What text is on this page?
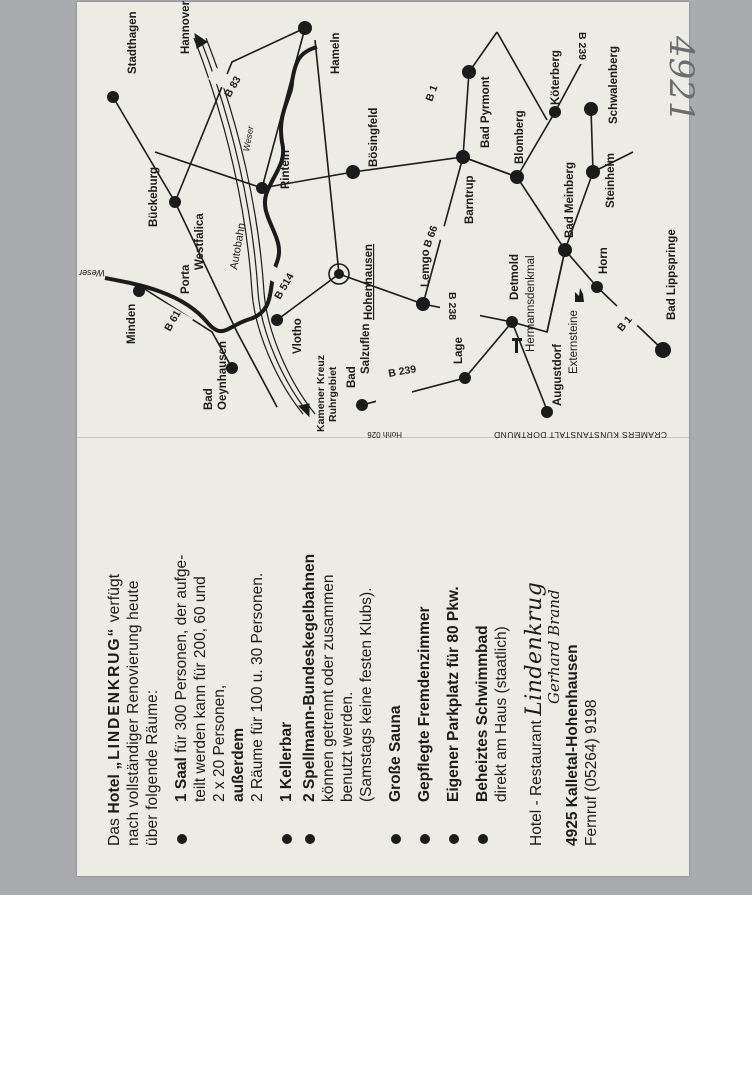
Hannover
Stadthagen	Hameln
Bückeburg
Porta
Westfalica
Minden
Bad Oeynhausen
Vlotho
Rinteln
Bösingfeld
Hohenhausen
Kamener Kreuz Ruhrgebiet Bad
Salzuflen
Lemgo
Lage
Barntrup
Bad Pyrmont Blomberg
Köterberg	Schwalenberg
Steinheim
Bad Meinberg
Detmold Hermannsdenkmal
Augustdorf
Horn
Externsteine
Bad Lippspringe
B 83
B 61
B 514
B 238
B 239
B 239
B 66
B 1
B 1
Autobahn
Weser
Weser
CRAMERS KUNSTANSTALT DORTMUND
Hohh 026
4921
Das Hotel „LINDENKRUG“ verfügt nach vollständiger Renovierung heute über folgende Räume: 1 Saal für 300 Personen, der aufge- teilt werden kann für 200, 60 und 2 x 20 Personen, außerdem 2 Räume für 100 u. 30 Personen. 1 Kellerbar 2 Spellmann-Bundeskegelbahnen können getrennt oder zusammen benutzt werden. (Samstags keine festen Klubs). Große Sauna Gepflegte Fremdenzimmer Eigener Parkplatz für 80 Pkw. Beheiztes Schwimmbad direkt am Haus (staatlich) Hotel - Restaurant Lindenkrug
Gerhard Brand 4925 Kalletal-Hohenhausen Fernruf (05264) 9198
